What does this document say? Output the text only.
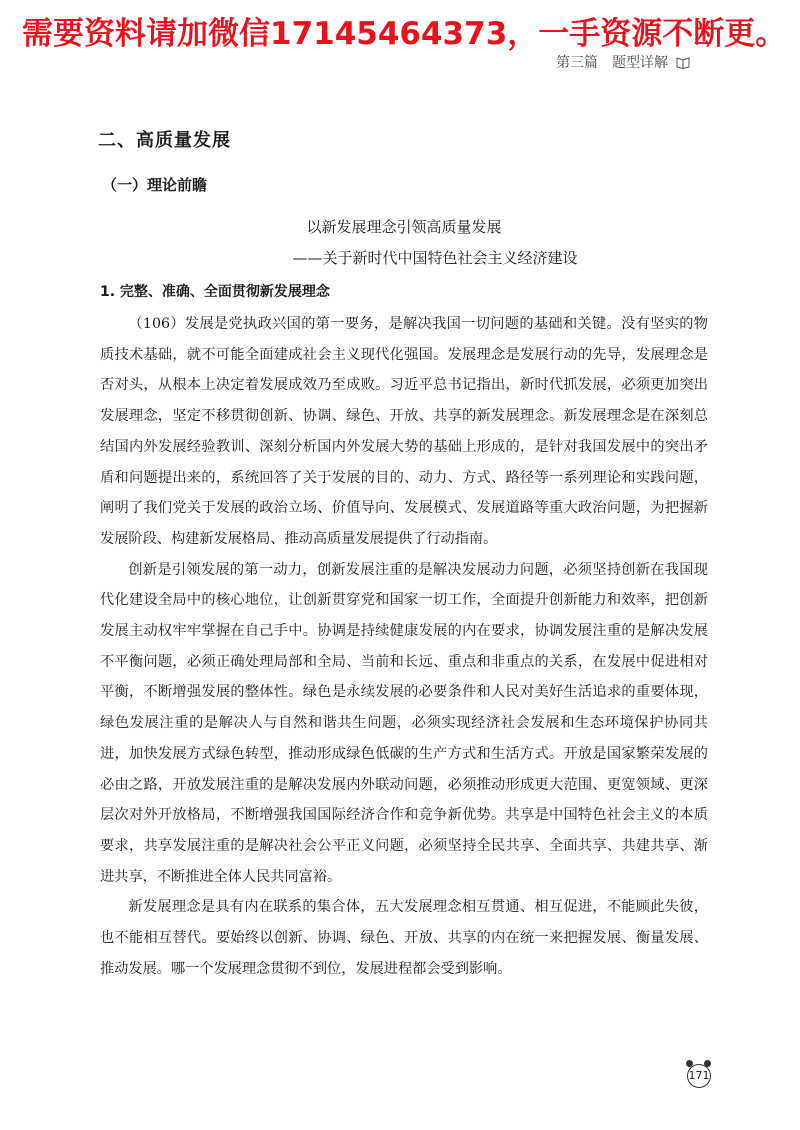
需要资料请加微信17145464373，一手资源不断更。
第三篇　题型详解
二、高质量发展
（一）理论前瞻
以新发展理念引领高质量发展
——关于新时代中国特色社会主义经济建设
1. 完整、准确、全面贯彻新发展理念

（106）发展是党执政兴国的第一要务，是解决我国一切问题的基础和关键。没有坚实的物质技术基础，就不可能全面建成社会主义现代化强国。发展理念是发展行动的先导，发展理念是否对头，从根本上决定着发展成效乃至成败。习近平总书记指出，新时代抓发展，必须更加突出发展理念，坚定不移贯彻创新、协调、绿色、开放、共享的新发展理念。新发展理念是在深刻总结国内外发展经验教训、深刻分析国内外发展大势的基础上形成的，是针对我国发展中的突出矛盾和问题提出来的，系统回答了关于发展的目的、动力、方式、路径等一系列理论和实践问题，阐明了我们党关于发展的政治立场、价值导向、发展模式、发展道路等重大政治问题，为把握新发展阶段、构建新发展格局、推动高质量发展提供了行动指南。

创新是引领发展的第一动力，创新发展注重的是解决发展动力问题，必须坚持创新在我国现代化建设全局中的核心地位，让创新贯穿党和国家一切工作，全面提升创新能力和效率，把创新发展主动权牢牢掌握在自己手中。协调是持续健康发展的内在要求，协调发展注重的是解决发展不平衡问题，必须正确处理局部和全局、当前和长远、重点和非重点的关系，在发展中促进相对平衡，不断增强发展的整体性。绿色是永续发展的必要条件和人民对美好生活追求的重要体现，绿色发展注重的是解决人与自然和谐共生问题，必须实现经济社会发展和生态环境保护协同共进，加快发展方式绿色转型，推动形成绿色低碳的生产方式和生活方式。开放是国家繁荣发展的必由之路，开放发展注重的是解决发展内外联动问题，必须推动形成更大范围、更宽领域、更深层次对外开放格局，不断增强我国国际经济合作和竞争新优势。共享是中国特色社会主义的本质要求，共享发展注重的是解决社会公平正义问题，必须坚持全民共享、全面共享、共建共享、渐进共享，不断推进全体人民共同富裕。

新发展理念是具有内在联系的集合体，五大发展理念相互贯通、相互促进，不能顾此失彼，也不能相互替代。要始终以创新、协调、绿色、开放、共享的内在统一来把握发展、衡量发展、推动发展。哪一个发展理念贯彻不到位，发展进程都会受到影响。

171
